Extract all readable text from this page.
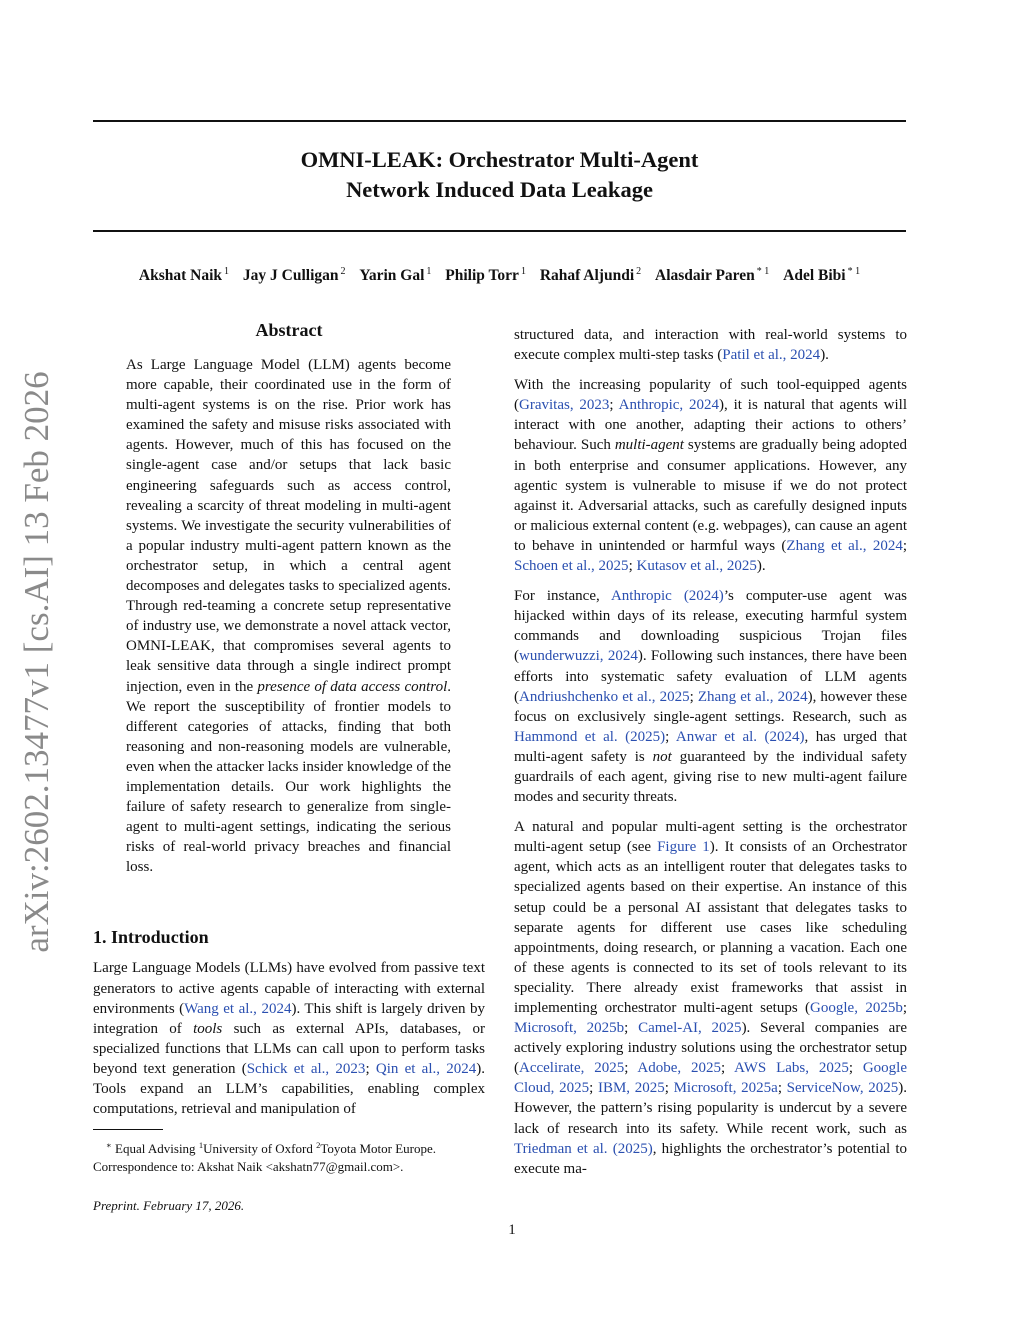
OMNI-LEAK: Orchestrator Multi-Agent
Network Induced Data Leakage
Akshat Naik $^1$ Jay J Culligan $^2$ Yarin Gal $^1$ Philip Torr $^1$ Rahaf Aljundi $^2$ Alasdair Paren $^{* 1}$ Adel Bibi $^{* 1}$
arXiv:2602.13477v1 [cs.AI] 13 Feb 2026
Abstract
As Large Language Model (LLM) agents become more capable, their coordinated use in the form of multi-agent systems is on the rise. Prior work has examined the safety and misuse risks associated with agents. However, much of this has focused on the single-agent case and/or setups that lack basic engineering safeguards such as access control, revealing a scarcity of threat modeling in multi-agent systems. We investigate the security vulnerabilities of a popular industry multi-agent pattern known as the orchestrator setup, in which a central agent decomposes and delegates tasks to specialized agents. Through red-teaming a concrete setup representative of industry use, we demonstrate a novel attack vector, OMNI-LEAK, that compromises several agents to leak sensitive data through a single indirect prompt injection, even in the presence of data access control. We report the susceptibility of frontier models to different categories of attacks, finding that both reasoning and non-reasoning models are vulnerable, even when the attacker lacks insider knowledge of the implementation details. Our work highlights the failure of safety research to generalize from single-agent to multi-agent settings, indicating the serious risks of real-world privacy breaches and financial loss.
1. Introduction

Large Language Models (LLMs) have evolved from passive text generators to active agents capable of interacting with external environments (Wang et al., 2024). This shift is largely driven by integration of tools such as external APIs, databases, or specialized functions that LLMs can call upon to perform tasks beyond text generation (Schick et al., 2023; Qin et al., 2024). Tools expand an LLM’s capabilities, enabling complex computations, retrieval and manipulation of

∗ Equal Advising $^1$University of Oxford $^2$Toyota Motor Europe. Correspondence to: Akshat Naik <akshatn77@gmail.com>.

Preprint. February 17, 2026.

structured data, and interaction with real-world systems to execute complex multi-step tasks (Patil et al., 2024).

With the increasing popularity of such tool-equipped agents (Gravitas, 2023; Anthropic, 2024), it is natural that agents will interact with one another, adapting their actions to others’ behaviour. Such multi-agent systems are gradually being adopted in both enterprise and consumer applications. However, any agentic system is vulnerable to misuse if we do not protect against it. Adversarial attacks, such as carefully designed inputs or malicious external content (e.g. webpages), can cause an agent to behave in unintended or harmful ways (Zhang et al., 2024; Schoen et al., 2025; Kutasov et al., 2025).

For instance, Anthropic (2024)’s computer-use agent was hijacked within days of its release, executing harmful system commands and downloading suspicious Trojan files (wunderwuzzi, 2024). Following such instances, there have been efforts into systematic safety evaluation of LLM agents (Andriushchenko et al., 2025; Zhang et al., 2024), however these focus on exclusively single-agent settings. Research, such as Hammond et al. (2025); Anwar et al. (2024), has urged that multi-agent safety is not guaranteed by the individual safety guardrails of each agent, giving rise to new multi-agent failure modes and security threats.

A natural and popular multi-agent setting is the orchestrator multi-agent setup (see Figure 1). It consists of an Orchestrator agent, which acts as an intelligent router that delegates tasks to specialized agents based on their expertise. An instance of this setup could be a personal AI assistant that delegates tasks to separate agents for different use cases like scheduling appointments, doing research, or planning a vacation. Each one of these agents is connected to its set of tools relevant to its speciality. There already exist frameworks that assist in implementing orchestrator multi-agent setups (Google, 2025b; Microsoft, 2025b; Camel-AI, 2025). Several companies are actively exploring industry solutions using the orchestrator setup (Accelirate, 2025; Adobe, 2025; AWS Labs, 2025; Google Cloud, 2025; IBM, 2025; Microsoft, 2025a; ServiceNow, 2025). However, the pattern’s rising popularity is undercut by a severe lack of research into its safety. While recent work, such as Triedman et al. (2025), highlights the orchestrator’s potential to execute ma-

1
